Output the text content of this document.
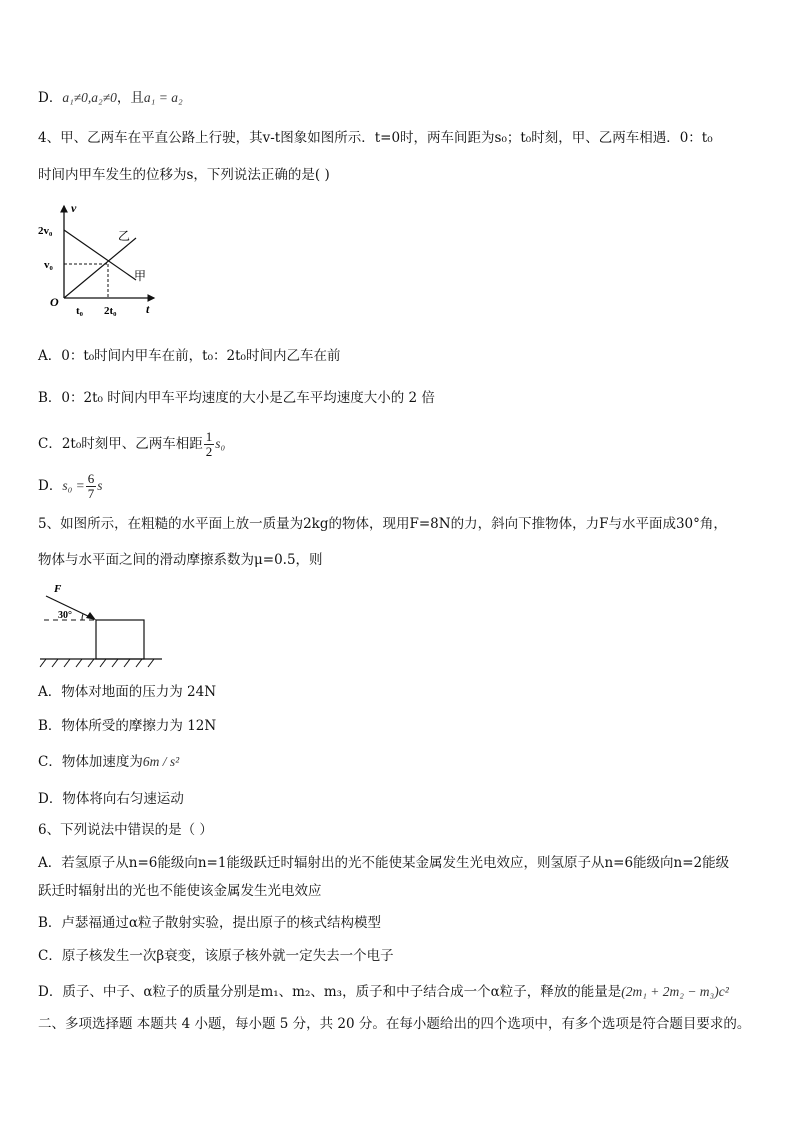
D．a₁≠0,a₂≠0，且a₁ = a₂
4、甲、乙两车在平直公路上行驶，其v-t图象如图所示．t=0时，两车间距为s₀；t₀时刻，甲、乙两车相遇．0：t₀
时间内甲车发生的位移为s，下列说法正确的是( )
v
t
O
2v₀
v₀
t₀ 2t₀
乙
甲
A．0：t₀时间内甲车在前，t₀：2t₀时间内乙车在前
B．0：2t₀ 时间内甲车平均速度的大小是乙车平均速度大小的 2 倍
C．2t₀时刻甲、乙两车相距 $\frac{1}{2} s_0$
D．$s_0 = \frac{6}{7}$ s
5、如图所示，在粗糙的水平面上放一质量为2kg的物体，现用F=8N的力，斜向下推物体，力F与水平面成30°角，
物体与水平面之间的滑动摩擦系数为μ=0.5，则
F
30°
A．物体对地面的压力为 24N
B．物体所受的摩擦力为 12N
C．物体加速度为6m / s²
D．物体将向右匀速运动
6、下列说法中错误的是（ ）
A．若氢原子从n=6能级向n=1能级跃迁时辐射出的光不能使某金属发生光电效应，则氢原子从n=6能级向n=2能级
跃迁时辐射出的光也不能使该金属发生光电效应
B．卢瑟福通过α粒子散射实验，提出原子的核式结构模型
C．原子核发生一次β衰变，该原子核外就一定失去一个电子
D．质子、中子、α粒子的质量分别是m₁、m₂、m₃，质子和中子结合成一个α粒子，释放的能量是(2m₁ + 2m₂ − m₃)c²
二、多项选择题 本题共 4 小题，每小题 5 分，共 20 分。在每小题给出的四个选项中，有多个选项是符合题目要求的。
